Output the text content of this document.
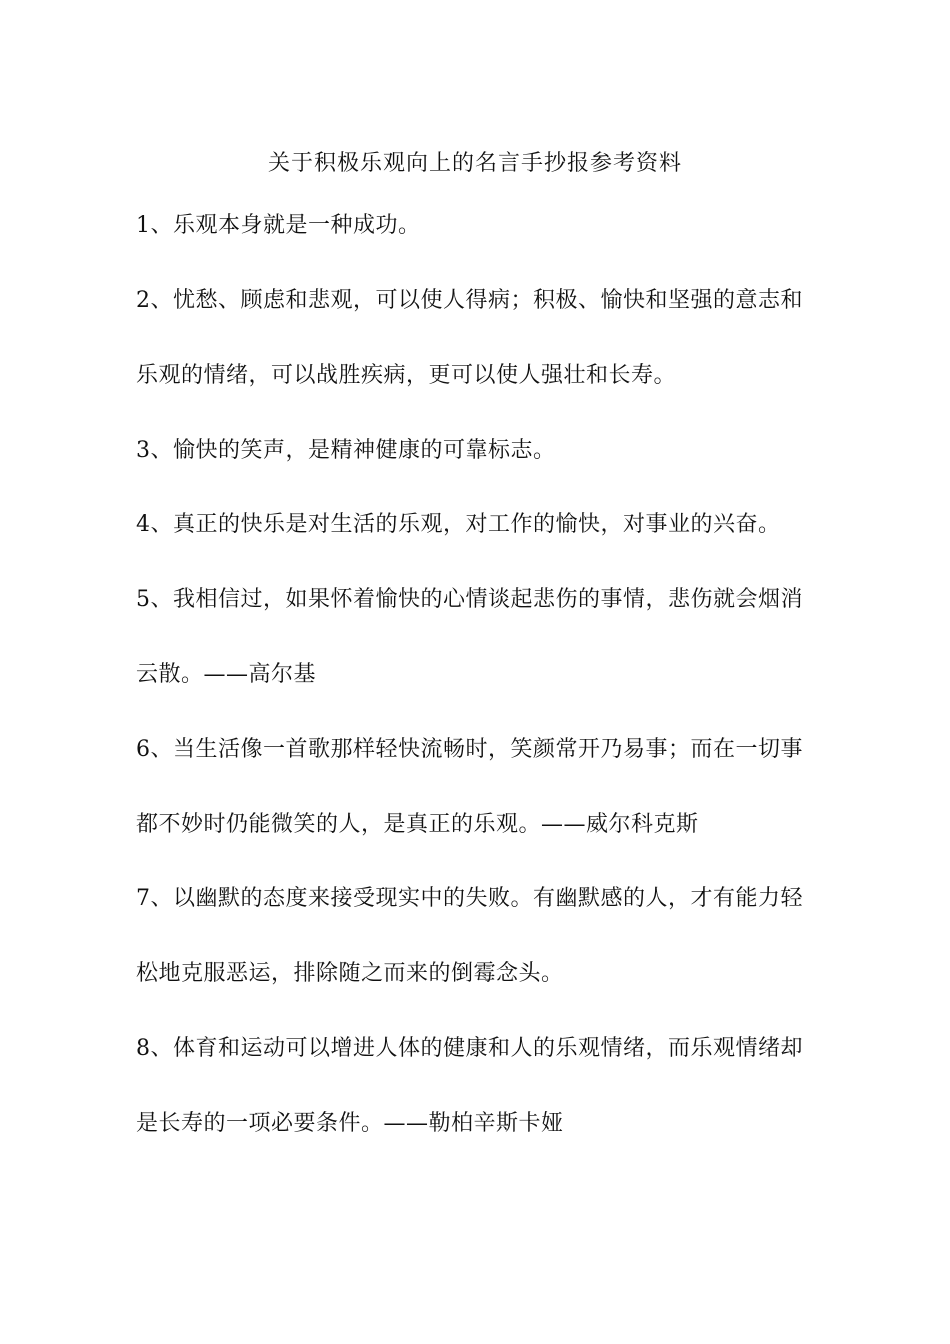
关于积极乐观向上的名言手抄报参考资料

1、乐观本身就是一种成功。

2、忧愁、顾虑和悲观，可以使人得病；积极、愉快和坚强的意志和

乐观的情绪，可以战胜疾病，更可以使人强壮和长寿。

3、愉快的笑声，是精神健康的可靠标志。

4、真正的快乐是对生活的乐观，对工作的愉快，对事业的兴奋。

5、我相信过，如果怀着愉快的心情谈起悲伤的事情，悲伤就会烟消

云散。——高尔基

6、当生活像一首歌那样轻快流畅时，笑颜常开乃易事；而在一切事

都不妙时仍能微笑的人，是真正的乐观。——威尔科克斯

7、以幽默的态度来接受现实中的失败。有幽默感的人，才有能力轻

松地克服恶运，排除随之而来的倒霉念头。

8、体育和运动可以增进人体的健康和人的乐观情绪，而乐观情绪却

是长寿的一项必要条件。——勒柏辛斯卡娅
